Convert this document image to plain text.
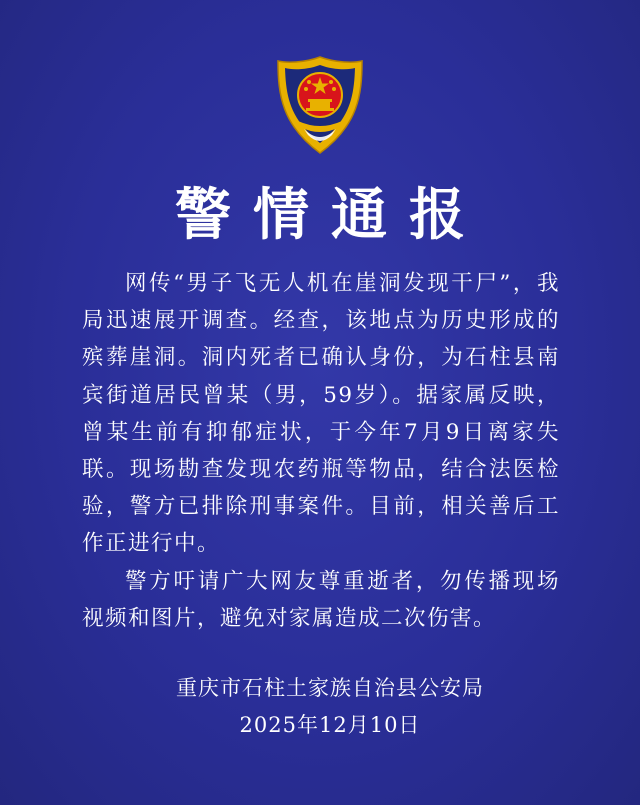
警情通报

网传“男子飞无人机在崖洞发现干尸”，我局迅速展开调查。经查，该地点为历史形成的殡葬崖洞。洞内死者已确认身份，为石柱县南宾街道居民曾某（男，59岁）。据家属反映，曾某生前有抑郁症状，于今年7月9日离家失联。现场勘查发现农药瓶等物品，结合法医检验，警方已排除刑事案件。目前，相关善后工作正进行中。

警方吁请广大网友尊重逝者，勿传播现场视频和图片，避免对家属造成二次伤害。

重庆市石柱土家族自治县公安局
2025年12月10日
